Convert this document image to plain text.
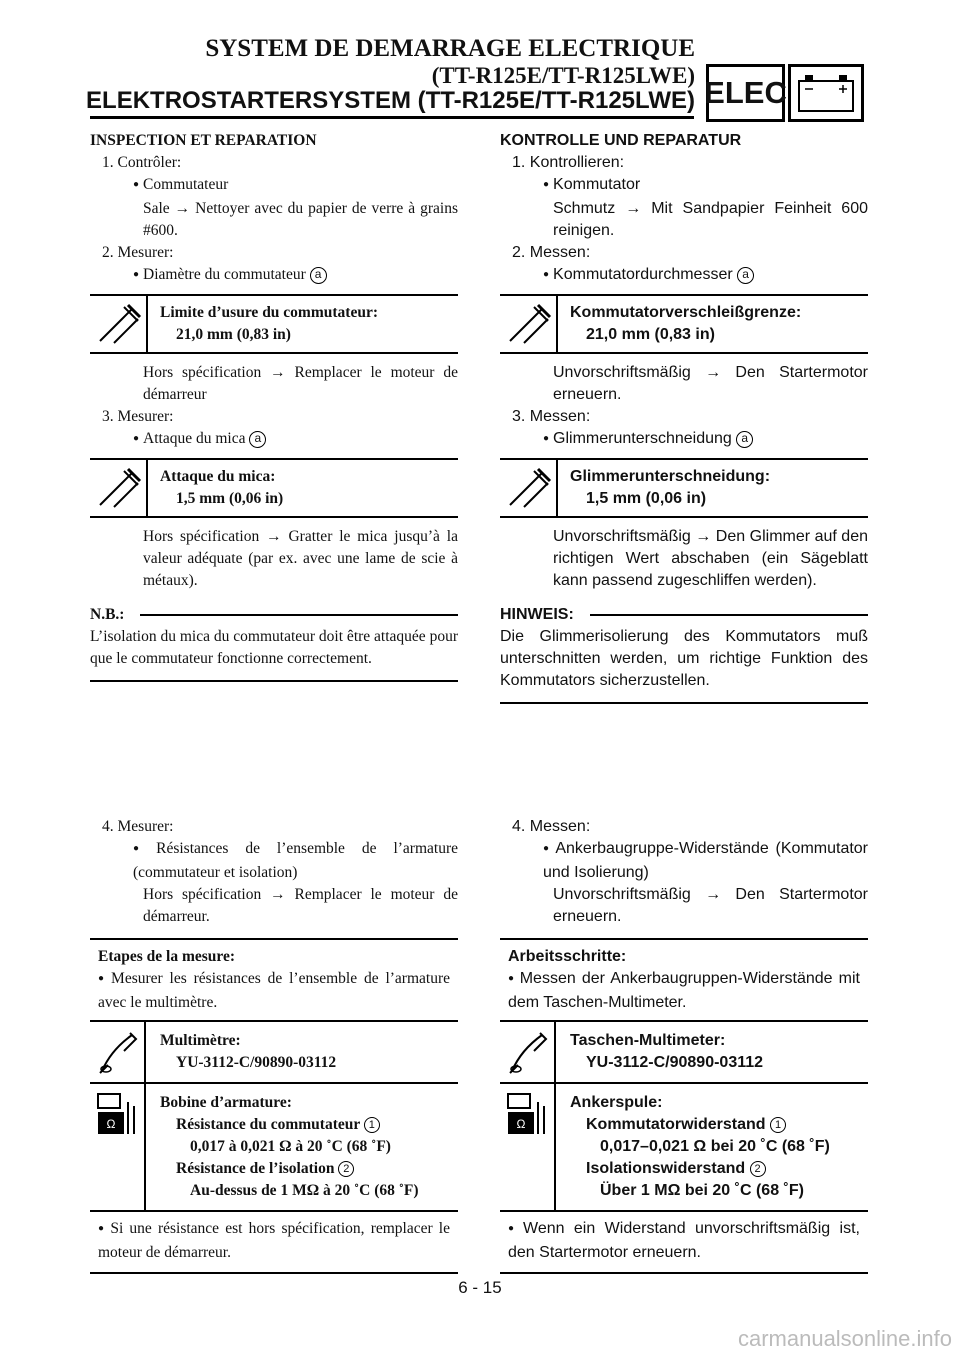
SYSTEM DE DEMARRAGE ELECTRIQUE
(TT-R125E/TT-R125LWE)
ELEKTROSTARTERSYSTEM (TT-R125E/TT-R125LWE) ELEC

INSPECTION ET REPARATION

1. Contrôler:

● Commutateur

Sale → Nettoyer avec du papier de verre à grains #600.

2. Mesurer:

● Diamètre du commutateur a

Limite d’usure du commutateur:
21,0 mm (0,83 in)

Hors spécification → Remplacer le moteur de démarreur

3. Mesurer:

● Attaque du mica a

Attaque du mica:
1,5 mm (0,06 in)

Hors spécification → Gratter le mica jusqu’à la valeur adéquate (par ex. avec une lame de scie à métaux).

N.B.:

L’isolation du mica du commutateur doit être attaquée pour que le commutateur fonctionne correctement.

KONTROLLE UND REPARATUR

1. Kontrollieren:

● Kommutator

Schmutz → Mit Sandpapier Feinheit 600 reinigen.

2. Messen:

● Kommutatordurchmesser a

Kommutatorverschleißgrenze:
21,0 mm (0,83 in)

Unvorschriftsmäßig → Den Startermotor erneuern.

3. Messen:

● Glimmerunterschneidung a

Glimmerunterschneidung:
1,5 mm (0,06 in)

Unvorschriftsmäßig → Den Glimmer auf den richtigen Wert abschaben (ein Sägeblatt kann passend zugeschliffen werden).

HINWEIS:

Die Glimmerisolierung des Kommutators muß unterschnitten werden, um richtige Funktion des Kommutators sicherzustellen.

4. Mesurer:

● Résistances de l’ensemble de l’armature (commutateur et isolation)

Hors spécification → Remplacer le moteur de démarreur.

Etapes de la mesure:
● Mesurer les résistances de l’ensemble de l’armature avec le multimètre.
Multimètre:
YU-3112-C/90890-03112
Ω
Bobine d’armature:
Résistance du commutateur 1
0,017 à 0,021 Ω à 20 ˚C (68 ˚F)
Résistance de l’isolation 2
Au-dessus de 1 MΩ à 20 ˚C (68 ˚F)
● Si une résistance est hors spécification, remplacer le moteur de démarreur.

4. Messen:

● Ankerbaugruppe-Widerstände (Kommutator und Isolierung)

Unvorschriftsmäßig → Den Startermotor erneuern.

Arbeitsschritte:
● Messen der Ankerbaugruppen-Widerstände mit dem Taschen-Multimeter.
Taschen-Multimeter:
YU-3112-C/90890-03112
Ω
Ankerspule:
Kommutatorwiderstand 1
0,017–0,021 Ω bei 20 ˚C (68 ˚F)
Isolationswiderstand 2
Über 1 MΩ bei 20 ˚C (68 ˚F)
● Wenn ein Widerstand unvorschriftsmäßig ist, den Startermotor erneuern.
6 - 15
carmanualsonline.info
